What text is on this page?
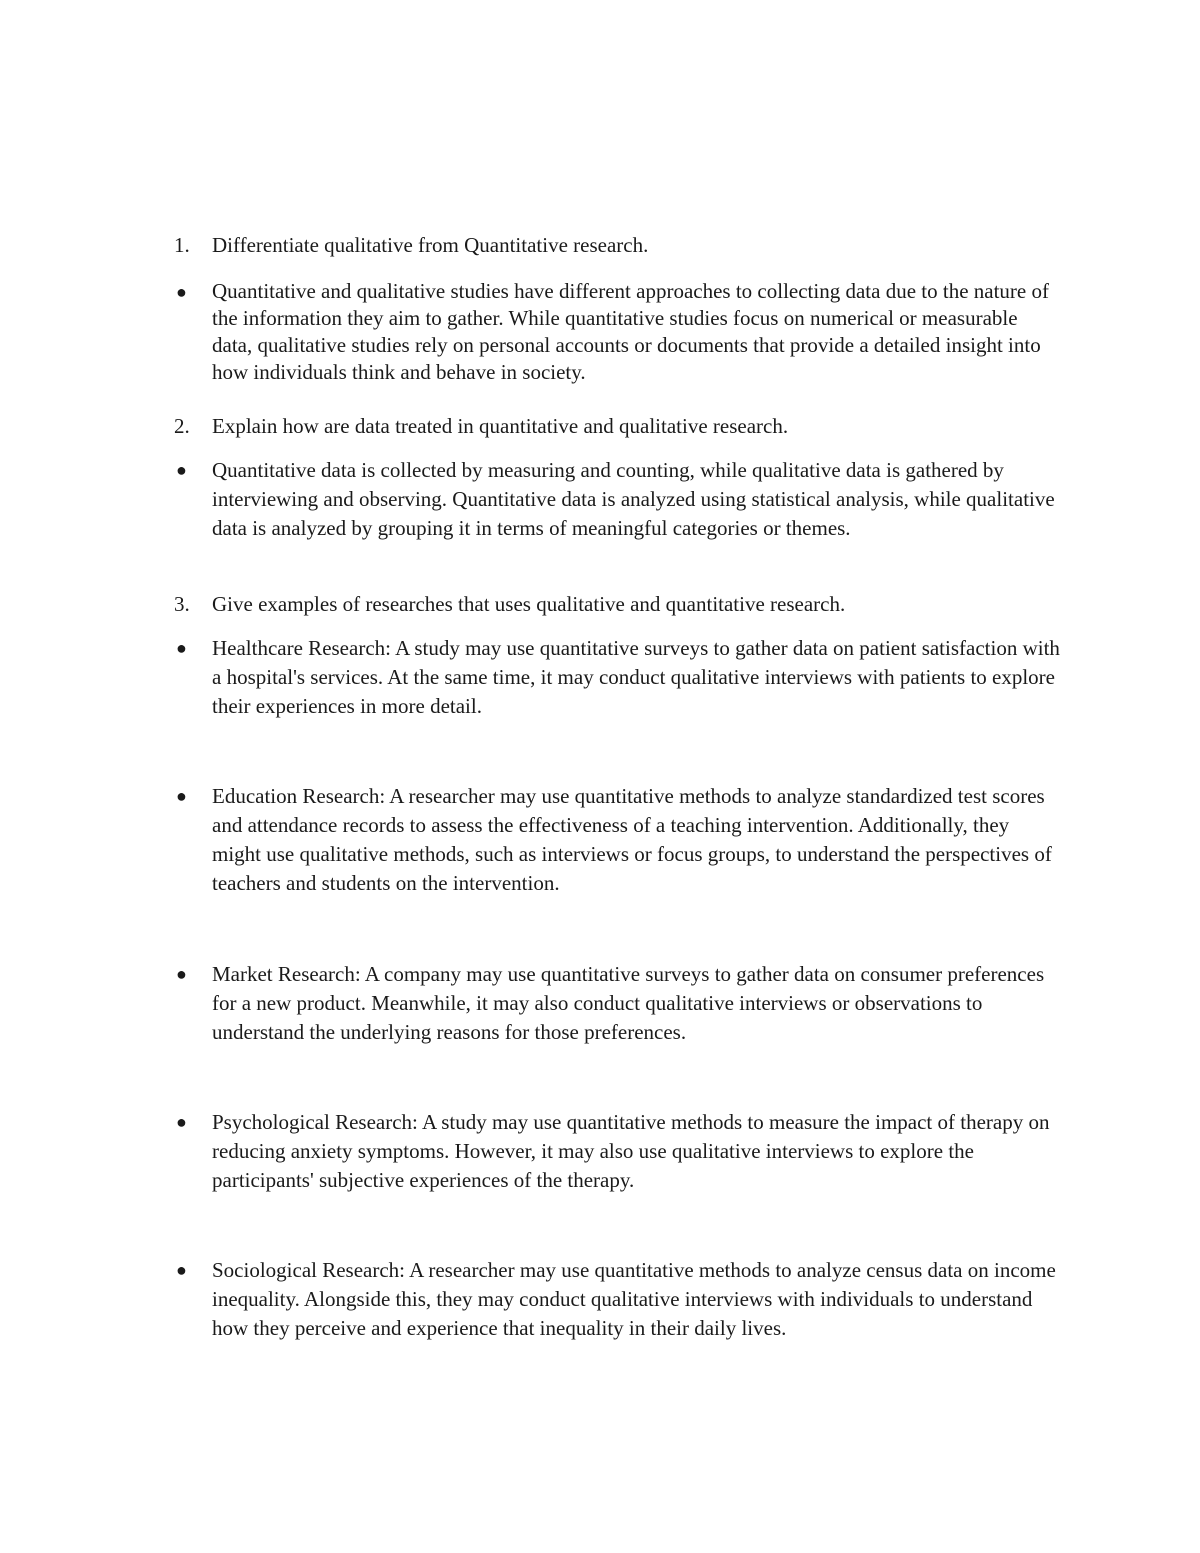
1.	Differentiate qualitative from Quantitative research.
●	Quantitative and qualitative studies have different approaches to collecting data due to the nature of the information they aim to gather. While quantitative studies focus on numerical or measurable data, qualitative studies rely on personal accounts or documents that provide a detailed insight into how individuals think and behave in society.
2.	Explain how are data treated in quantitative and qualitative research.
●	Quantitative data is collected by measuring and counting, while qualitative data is gathered by interviewing and observing. Quantitative data is analyzed using statistical analysis, while qualitative data is analyzed by grouping it in terms of meaningful categories or themes.
3.	Give examples of researches that uses qualitative and quantitative research.
●	Healthcare Research: A study may use quantitative surveys to gather data on patient satisfaction with a hospital's services. At the same time, it may conduct qualitative interviews with patients to explore their experiences in more detail.
●	Education Research: A researcher may use quantitative methods to analyze standardized test scores and attendance records to assess the effectiveness of a teaching intervention. Additionally, they might use qualitative methods, such as interviews or focus groups, to understand the perspectives of teachers and students on the intervention.
●	Market Research: A company may use quantitative surveys to gather data on consumer preferences for a new product. Meanwhile, it may also conduct qualitative interviews or observations to understand the underlying reasons for those preferences.
●	Psychological Research: A study may use quantitative methods to measure the impact of therapy on reducing anxiety symptoms. However, it may also use qualitative interviews to explore the participants' subjective experiences of the therapy.
●	Sociological Research: A researcher may use quantitative methods to analyze census data on income inequality. Alongside this, they may conduct qualitative interviews with individuals to understand how they perceive and experience that inequality in their daily lives.
